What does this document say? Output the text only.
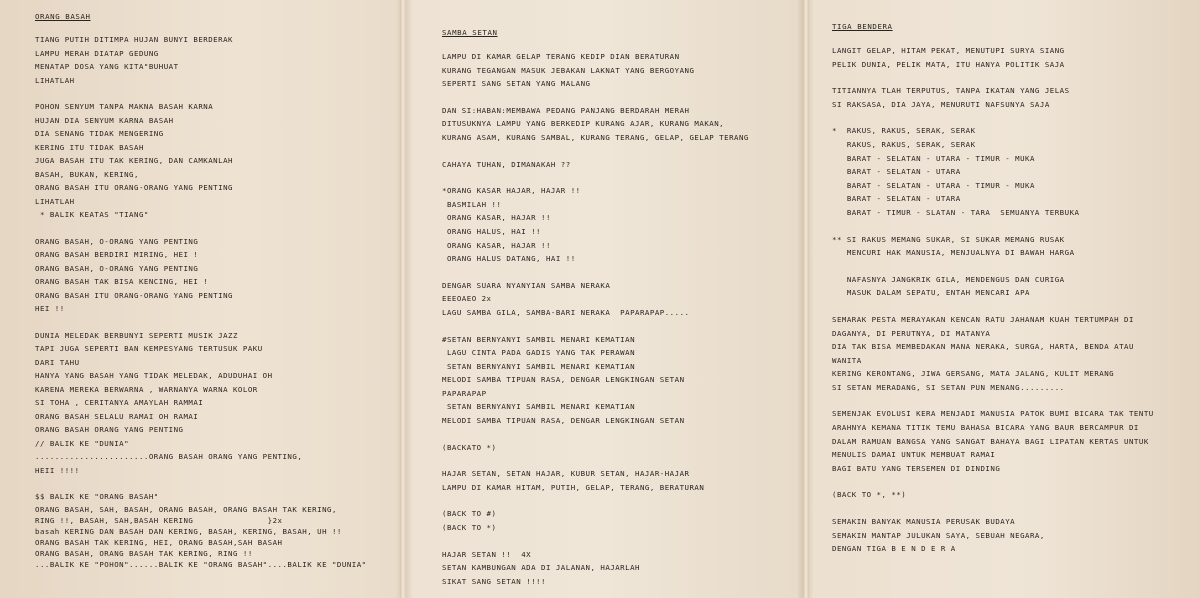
ORANG BASAH
TIANG PUTIH DITIMPA HUJAN BUNYI BERDERAK
LAMPU MERAH DIATAP GEDUNG
MENATAP DOSA YANG KITA"BUHUAT
LIHATLAH
POHON SENYUM TANPA MAKNA BASAH KARNA
HUJAN DIA SENYUM KARNA BASAH
DIA SENANG TIDAK MENGERING
KERING ITU TIDAK BASAH
JUGA BASAH ITU TAK KERING, DAN CAMKANLAH
BASAH, BUKAN, KERING,
ORANG BASAH ITU ORANG-ORANG YANG PENTING
LIHATLAH
* BALIK KEATAS "TIANG"
ORANG BASAH, O-ORANG YANG PENTING
ORANG BASAH BERDIRI MIRING, HEI !
ORANG BASAH, O-ORANG YANG PENTING
ORANG BASAH TAK BISA KENCING, HEI !
ORANG BASAH ITU ORANG-ORANG YANG PENTING
HEI !!
DUNIA MELEDAK BERBUNYI SEPERTI MUSIK JAZZ
TAPI JUGA SEPERTI BAN KEMPESYANG TERTUSUK PAKU
DARI TAHU
HANYA YANG BASAH YANG TIDAK MELEDAK, ADUDUHAI OH
KARENA MEREKA BERWARNA , WARNANYA WARNA KOLOR
SI TOHA , CERITANYA AMAYLAH RAMMAI
ORANG BASAH SELALU RAMAI OH RAMAI
ORANG BASAH ORANG YANG PENTING
// BALIK KE "DUNIA"
.......................ORANG BASAH ORANG YANG PENTING,
HEII !!!!
$$ BALIK KE "ORANG BASAH"
ORANG BASAH, SAH, BASAH, ORANG BASAH, ORANG BASAH TAK KERING,
RING !!, BASAH, SAH,BASAH KERING               }2x
basah KERING DAN BASAH DAN KERING, BASAH, KERING, BASAH, UH !!
ORANG BASAH TAK KERING, HEI, ORANG BASAH,SAH BASAH
ORANG BASAH, ORANG BASAH TAK KERING, RING !!
...BALIK KE "POHON"......BALIK KE "ORANG BASAH"....BALIK KE "DUNIA"
SAMBA SETAN
LAMPU DI KAMAR GELAP TERANG KEDIP DIAN BERATURAN
KURANG TEGANGAN MASUK JEBAKAN LAKNAT YANG BERGOYANG
SEPERTI SANG SETAN YANG MALANG
DAN SI:HABAN:MEMBAWA PEDANG PANJANG BERDARAH MERAH
DITUSUKNYA LAMPU YANG BERKEDIP KURANG AJAR, KURANG MAKAN,
KURANG ASAM, KURANG SAMBAL, KURANG TERANG, GELAP, GELAP TERANG
CAHAYA TUHAN, DIMANAKAH ??
*ORANG KASAR HAJAR, HAJAR !!
BASMILAH !!
ORANG KASAR, HAJAR !!
ORANG HALUS, HAI !!
ORANG KASAR, HAJAR !!
ORANG HALUS DATANG, HAI !!
DENGAR SUARA NYANYIAN SAMBA NERAKA
EEEOAEO 2x
LAGU SAMBA GILA, SAMBA-BARI NERAKA  PAPARAPAP.....
#SETAN BERNYANYI SAMBIL MENARI KEMATIAN
LAGU CINTA PADA GADIS YANG TAK PERAWAN
SETAN BERNYANYI SAMBIL MENARI KEMATIAN
MELODI SAMBA TIPUAN RASA, DENGAR LENGKINGAN SETAN
PAPARAPAP
SETAN BERNYANYI SAMBIL MENARI KEMATIAN
MELODI SAMBA TIPUAN RASA, DENGAR LENGKINGAN SETAN
(BACKATO *)
HAJAR SETAN, SETAN HAJAR, KUBUR SETAN, HAJAR-HAJAR
LAMPU DI KAMAR HITAM, PUTIH, GELAP, TERANG, BERATURAN
(BACK TO #)
(BACK TO *)
HAJAR SETAN !!  4X
SETAN KAMBUNGAN ADA DI JALANAN, HAJARLAH
SIKAT SANG SETAN !!!!
TIGA BENDERA
LANGIT GELAP, HITAM PEKAT, MENUTUPI SURYA SIANG
PELIK DUNIA, PELIK MATA, ITU HANYA POLITIK SAJA
TITIANNYA TLAH TERPUTUS, TANPA IKATAN YANG JELAS
SI RAKSASA, DIA JAYA, MENURUTI NAFSUNYA SAJA
*  RAKUS, RAKUS, SERAK, SERAK
RAKUS, RAKUS, SERAK, SERAK
BARAT - SELATAN - UTARA - TIMUR - MUKA
BARAT - SELATAN - UTARA
BARAT - SELATAN - UTARA - TIMUR - MUKA
BARAT - SELATAN - UTARA
BARAT - TIMUR - SLATAN - TARA  SEMUANYA TERBUKA
** SI RAKUS MEMANG SUKAR, SI SUKAR MEMANG RUSAK
MENCURI HAK MANUSIA, MENJUALNYA DI BAWAH HARGA
NAFASNYA JANGKRIK GILA, MENDENGUS DAN CURIGA
MASUK DALAM SEPATU, ENTAH MENCARI APA
SEMARAK PESTA MERAYAKAN KENCAN RATU JAHANAM KUAH TERTUMPAH DI
DAGANYA, DI PERUTNYA, DI MATANYA
DIA TAK BISA MEMBEDAKAN MANA NERAKA, SURGA, HARTA, BENDA ATAU
WANITA
KERING KERONTANG, JIWA GERSANG, MATA JALANG, KULIT MERANG
SI SETAN MERADANG, SI SETAN PUN MENANG.........
SEMENJAK EVOLUSI KERA MENJADI MANUSIA PATOK BUMI BICARA TAK TENTU
ARAHNYA KEMANA TITIK TEMU BAHASA BICARA YANG BAUR BERCAMPUR DI
DALAM RAMUAN BANGSA YANG SANGAT BAHAYA BAGI LIPATAN KERTAS UNTUK
MENULIS DAMAI UNTUK MEMBUAT RAMAI
BAGI BATU YANG TERSEMEN DI DINDING
(BACK TO *, **)
SEMAKIN BANYAK MANUSIA PERUSAK BUDAYA
SEMAKIN MANTAP JULUKAN SAYA, SEBUAH NEGARA,
DENGAN TIGA B E N D E R A
